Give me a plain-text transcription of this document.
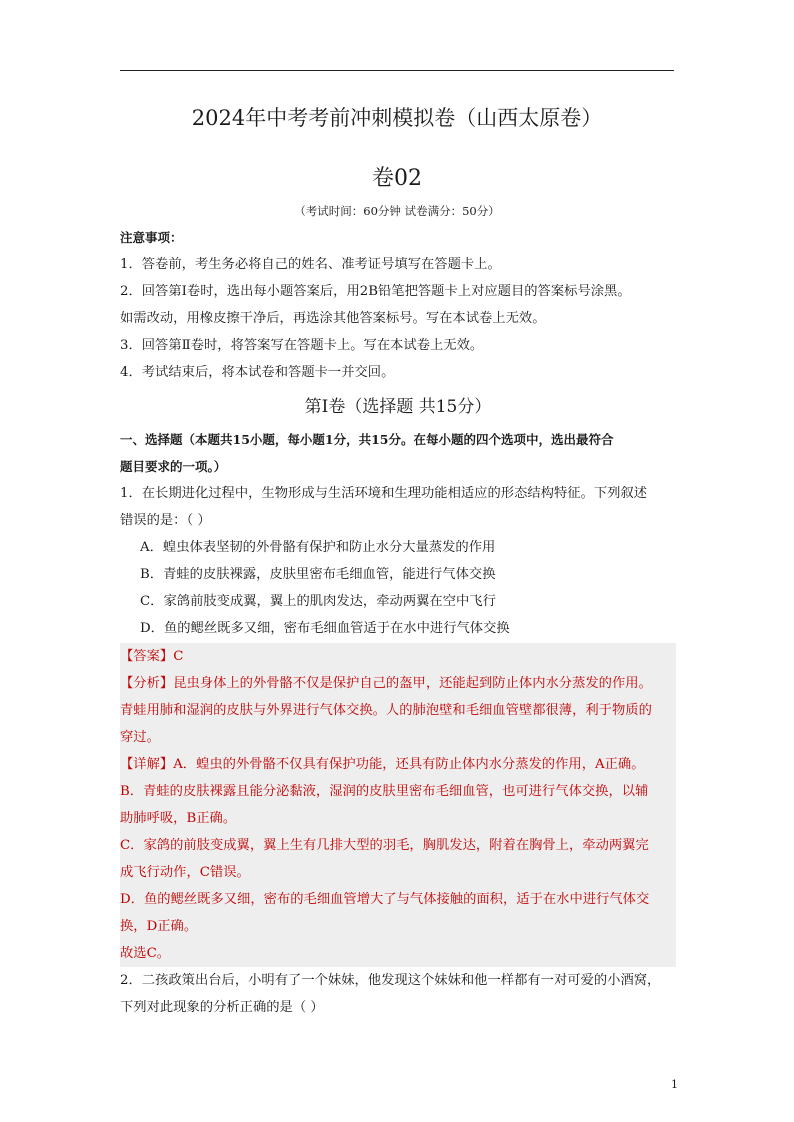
2024年中考考前冲刺模拟卷（山西太原卷）
卷02
（考试时间：60分钟 试卷满分：50分）

注意事项：

1．答卷前，考生务必将自己的姓名、准考证号填写在答题卡上。

2．回答第Ⅰ卷时，选出每小题答案后，用2B铅笔把答题卡上对应题目的答案标号涂黑。

如需改动，用橡皮擦干净后，再选涂其他答案标号。写在本试卷上无效。

3．回答第Ⅱ卷时，将答案写在答题卡上。写在本试卷上无效。

4．考试结束后，将本试卷和答题卡一并交回。

第Ⅰ卷（选择题 共15分）

一、选择题（本题共15小题，每小题1分，共15分。在每小题的四个选项中，选出最符合

题目要求的一项。）

1．在长期进化过程中，生物形成与生活环境和生理功能相适应的形态结构特征。下列叙述

错误的是：（ ）

A．蝗虫体表坚韧的外骨骼有保护和防止水分大量蒸发的作用

B．青蛙的皮肤裸露，皮肤里密布毛细血管，能进行气体交换

C．家鸽前肢变成翼，翼上的肌肉发达，牵动两翼在空中飞行

D．鱼的鳃丝既多又细，密布毛细血管适于在水中进行气体交换

【答案】C

【分析】昆虫身体上的外骨骼不仅是保护自己的盔甲，还能起到防止体内水分蒸发的作用。

青蛙用肺和湿润的皮肤与外界进行气体交换。人的肺泡壁和毛细血管壁都很薄，利于物质的

穿过。

【详解】A．蝗虫的外骨骼不仅具有保护功能，还具有防止体内水分蒸发的作用，A正确。

B．青蛙的皮肤裸露且能分泌黏液，湿润的皮肤里密布毛细血管，也可进行气体交换，以辅

助肺呼吸，B正确。

C．家鸽的前肢变成翼，翼上生有几排大型的羽毛，胸肌发达，附着在胸骨上，牵动两翼完

成飞行动作，C错误。

D．鱼的鳃丝既多又细，密布的毛细血管增大了与气体接触的面积，适于在水中进行气体交

换，D正确。

故选C。

2．二孩政策出台后，小明有了一个妹妹，他发现这个妹妹和他一样都有一对可爱的小酒窝，

下列对此现象的分析正确的是（ ）

1
